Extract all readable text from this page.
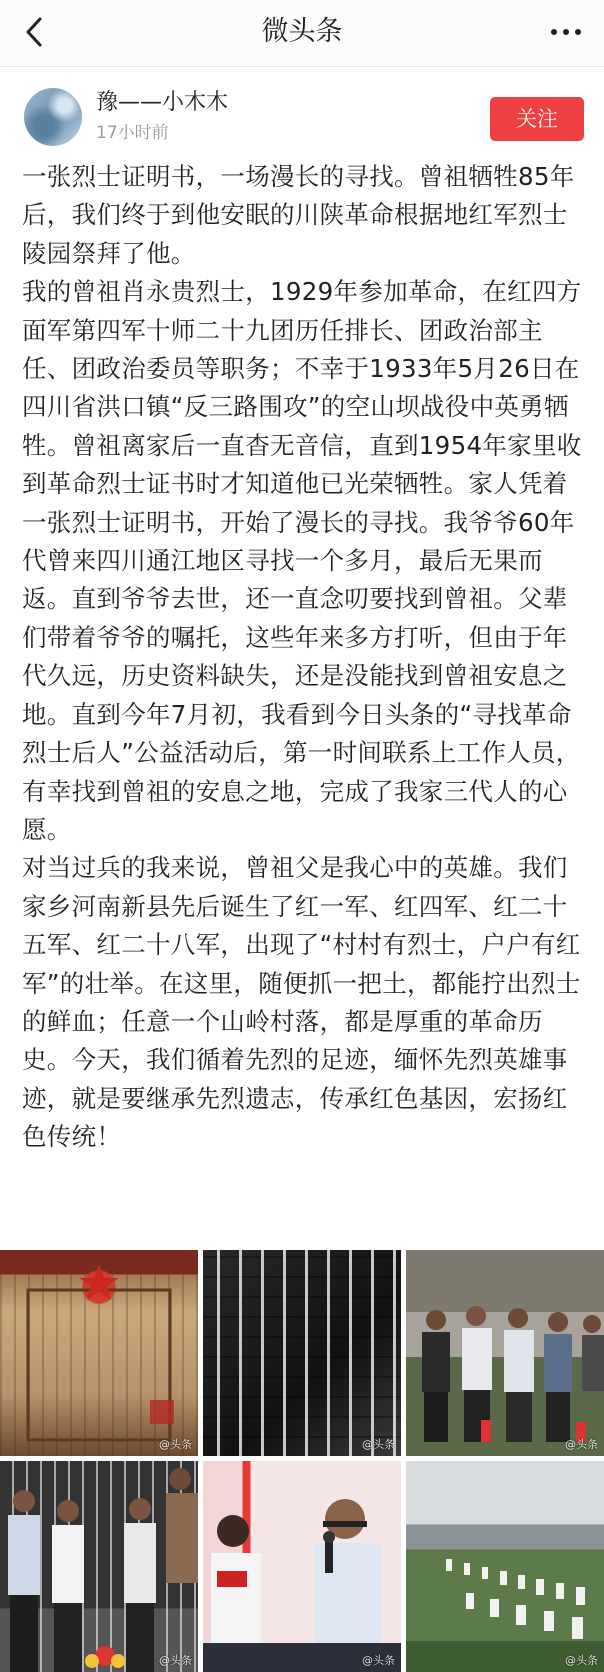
微头条
豫——小木木
17小时前
关注

一张烈士证明书，一场漫长的寻找。曾祖牺牲85年后，我们终于到他安眠的川陕革命根据地红军烈士陵园祭拜了他。

我的曾祖肖永贵烈士，1929年参加革命，在红四方面军第四军十师二十九团历任排长、团政治部主任、团政治委员等职务；不幸于1933年5月26日在四川省洪口镇“反三路围攻”的空山坝战役中英勇牺牲。曾祖离家后一直杳无音信，直到1954年家里收到革命烈士证书时才知道他已光荣牺牲。家人凭着一张烈士证明书，开始了漫长的寻找。我爷爷60年代曾来四川通江地区寻找一个多月，最后无果而返。直到爷爷去世，还一直念叨要找到曾祖。父辈们带着爷爷的嘱托，这些年来多方打听，但由于年代久远，历史资料缺失，还是没能找到曾祖安息之地。直到今年7月初，我看到今日头条的“寻找革命烈士后人”公益活动后，第一时间联系上工作人员，有幸找到曾祖的安息之地，完成了我家三代人的心愿。

对当过兵的我来说，曾祖父是我心中的英雄。我们家乡河南新县先后诞生了红一军、红四军、红二十五军、红二十八军，出现了“村村有烈士，户户有红军”的壮举。在这里，随便抓一把土，都能拧出烈士的鲜血；任意一个山岭村落，都是厚重的革命历史。今天，我们循着先烈的足迹，缅怀先烈英雄事迹，就是要继承先烈遗志，传承红色基因，宏扬红色传统！

@头条	@头条	@头条
@头条	@头条	@头条
